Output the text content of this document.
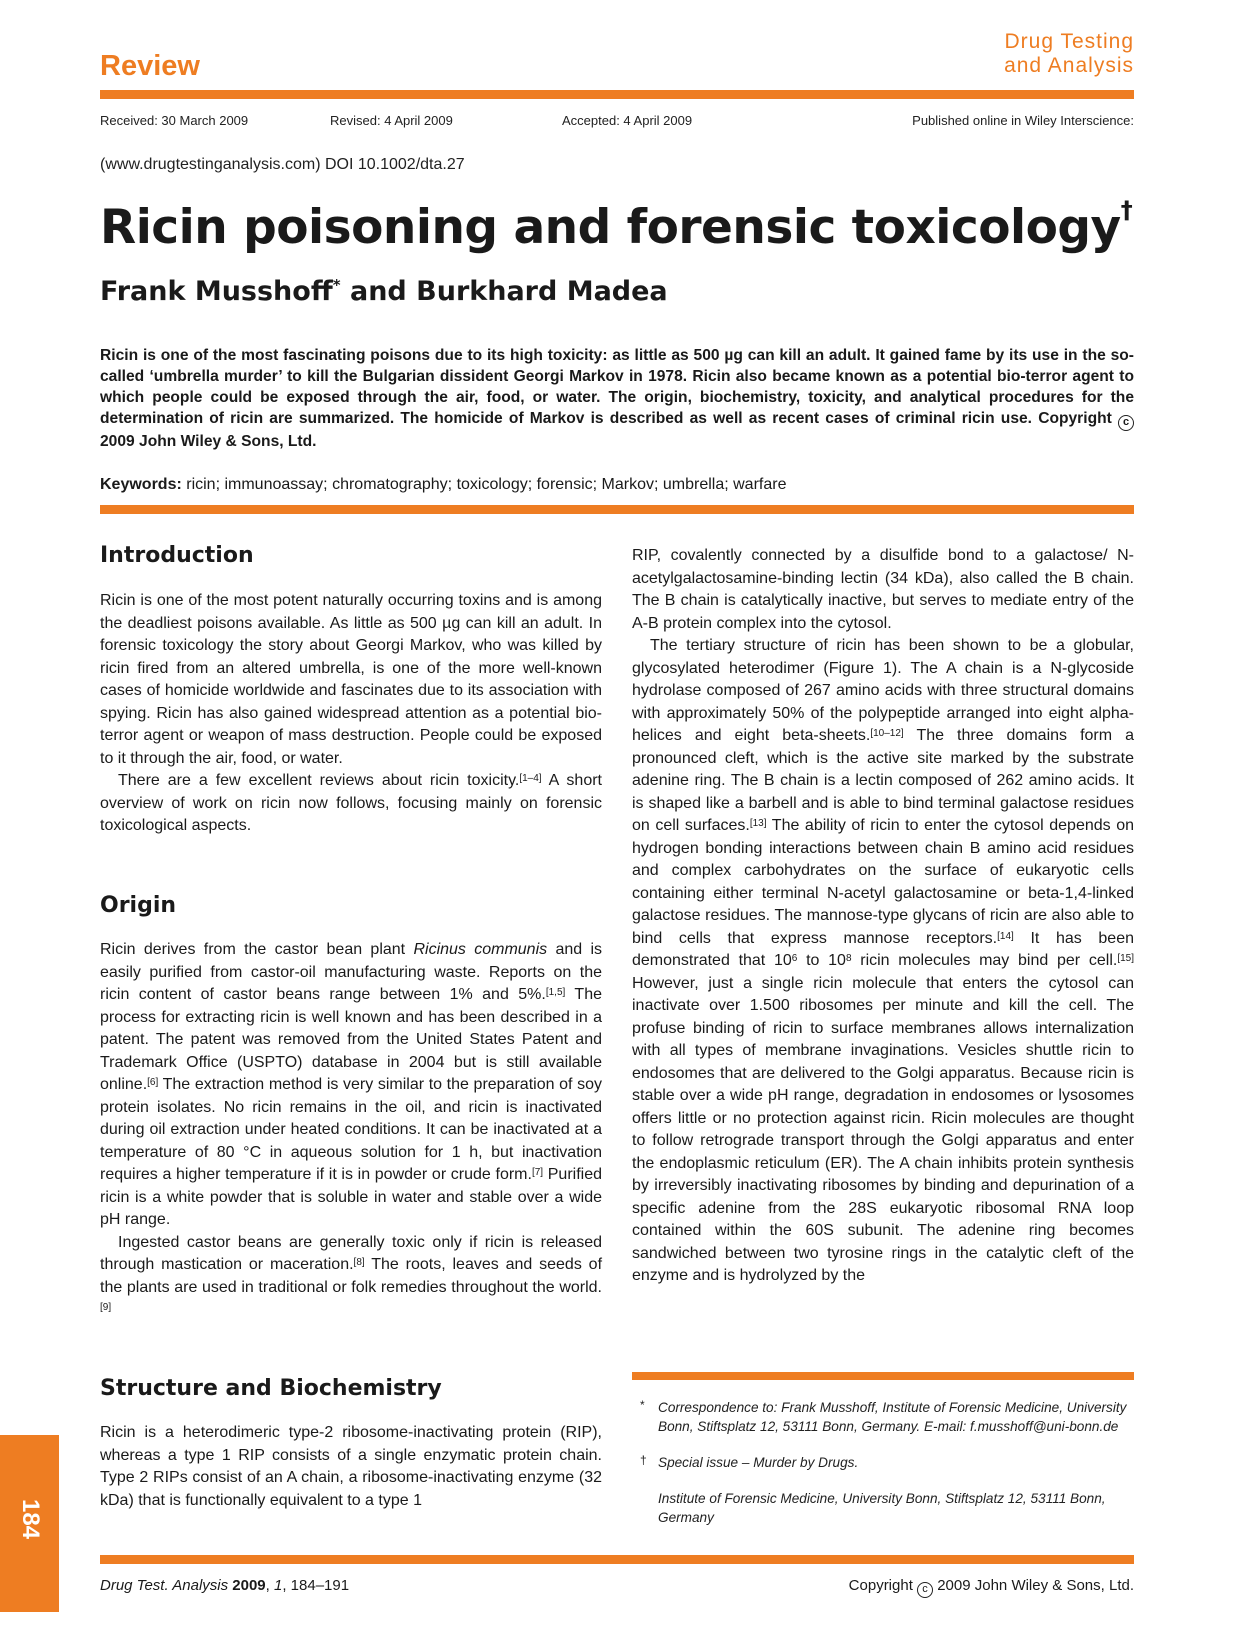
Review
Drug Testing
and Analysis
Received: 30 March 2009	Revised: 4 April 2009	Accepted: 4 April 2009	Published online in Wiley Interscience:
(www.drugtestinganalysis.com) DOI 10.1002/dta.27
Ricin poisoning and forensic toxicology†
Frank Musshoff* and Burkhard Madea
Ricin is one of the most fascinating poisons due to its high toxicity: as little as 500 µg can kill an adult. It gained fame by its use in the so-called ‘umbrella murder’ to kill the Bulgarian dissident Georgi Markov in 1978. Ricin also became known as a potential bio-terror agent to which people could be exposed through the air, food, or water. The origin, biochemistry, toxicity, and analytical procedures for the determination of ricin are summarized. The homicide of Markov is described as well as recent cases of criminal ricin use. Copyright c 2009 John Wiley & Sons, Ltd.
Keywords: ricin; immunoassay; chromatography; toxicology; forensic; Markov; umbrella; warfare
Introduction

Ricin is one of the most potent naturally occurring toxins and is among the deadliest poisons available. As little as 500 µg can kill an adult. In forensic toxicology the story about Georgi Markov, who was killed by ricin fired from an altered umbrella, is one of the more well-known cases of homicide worldwide and fascinates due to its association with spying. Ricin has also gained widespread attention as a potential bio-terror agent or weapon of mass destruction. People could be exposed to it through the air, food, or water.

There are a few excellent reviews about ricin toxicity.[1–4] A short overview of work on ricin now follows, focusing mainly on forensic toxicological aspects.

Origin

Ricin derives from the castor bean plant Ricinus communis and is easily purified from castor-oil manufacturing waste. Reports on the ricin content of castor beans range between 1% and 5%.[1,5] The process for extracting ricin is well known and has been described in a patent. The patent was removed from the United States Patent and Trademark Office (USPTO) database in 2004 but is still available online.[6] The extraction method is very similar to the preparation of soy protein isolates. No ricin remains in the oil, and ricin is inactivated during oil extraction under heated conditions. It can be inactivated at a temperature of 80 °C in aqueous solution for 1 h, but inactivation requires a higher temperature if it is in powder or crude form.[7] Purified ricin is a white powder that is soluble in water and stable over a wide pH range.

Ingested castor beans are generally toxic only if ricin is released through mastication or maceration.[8] The roots, leaves and seeds of the plants are used in traditional or folk remedies throughout the world.[9]

Structure and Biochemistry

Ricin is a heterodimeric type-2 ribosome-inactivating protein (RIP), whereas a type 1 RIP consists of a single enzymatic protein chain. Type 2 RIPs consist of an A chain, a ribosome-inactivating enzyme (32 kDa) that is functionally equivalent to a type 1

RIP, covalently connected by a disulfide bond to a galactose/ N-acetylgalactosamine-binding lectin (34 kDa), also called the B chain. The B chain is catalytically inactive, but serves to mediate entry of the A-B protein complex into the cytosol.

The tertiary structure of ricin has been shown to be a globular, glycosylated heterodimer (Figure 1). The A chain is a N-glycoside hydrolase composed of 267 amino acids with three structural domains with approximately 50% of the polypeptide arranged into eight alpha-helices and eight beta-sheets.[10–12] The three domains form a pronounced cleft, which is the active site marked by the substrate adenine ring. The B chain is a lectin composed of 262 amino acids. It is shaped like a barbell and is able to bind terminal galactose residues on cell surfaces.[13] The ability of ricin to enter the cytosol depends on hydrogen bonding interactions between chain B amino acid residues and complex carbohydrates on the surface of eukaryotic cells containing either terminal N-acetyl galactosamine or beta-1,4-linked galactose residues. The mannose-type glycans of ricin are also able to bind cells that express mannose receptors.[14] It has been demonstrated that 10$^6$ to 10$^8$ ricin molecules may bind per cell.[15] However, just a single ricin molecule that enters the cytosol can inactivate over 1.500 ribosomes per minute and kill the cell. The profuse binding of ricin to surface membranes allows internalization with all types of membrane invaginations. Vesicles shuttle ricin to endosomes that are delivered to the Golgi apparatus. Because ricin is stable over a wide pH range, degradation in endosomes or lysosomes offers little or no protection against ricin. Ricin molecules are thought to follow retrograde transport through the Golgi apparatus and enter the endoplasmic reticulum (ER). The A chain inhibits protein synthesis by irreversibly inactivating ribosomes by binding and depurination of a specific adenine from the 28S eukaryotic ribosomal RNA loop contained within the 60S subunit. The adenine ring becomes sandwiched between two tyrosine rings in the catalytic cleft of the enzyme and is hydrolyzed by the

* Correspondence to: Frank Musshoff, Institute of Forensic Medicine, University Bonn, Stiftsplatz 12, 53111 Bonn, Germany. E-mail: f.musshoff@uni-bonn.de
† Special issue – Murder by Drugs.
Institute of Forensic Medicine, University Bonn, Stiftsplatz 12, 53111 Bonn, Germany
184
Drug Test. Analysis 2009, 1, 184–191	Copyright c 2009 John Wiley & Sons, Ltd.
